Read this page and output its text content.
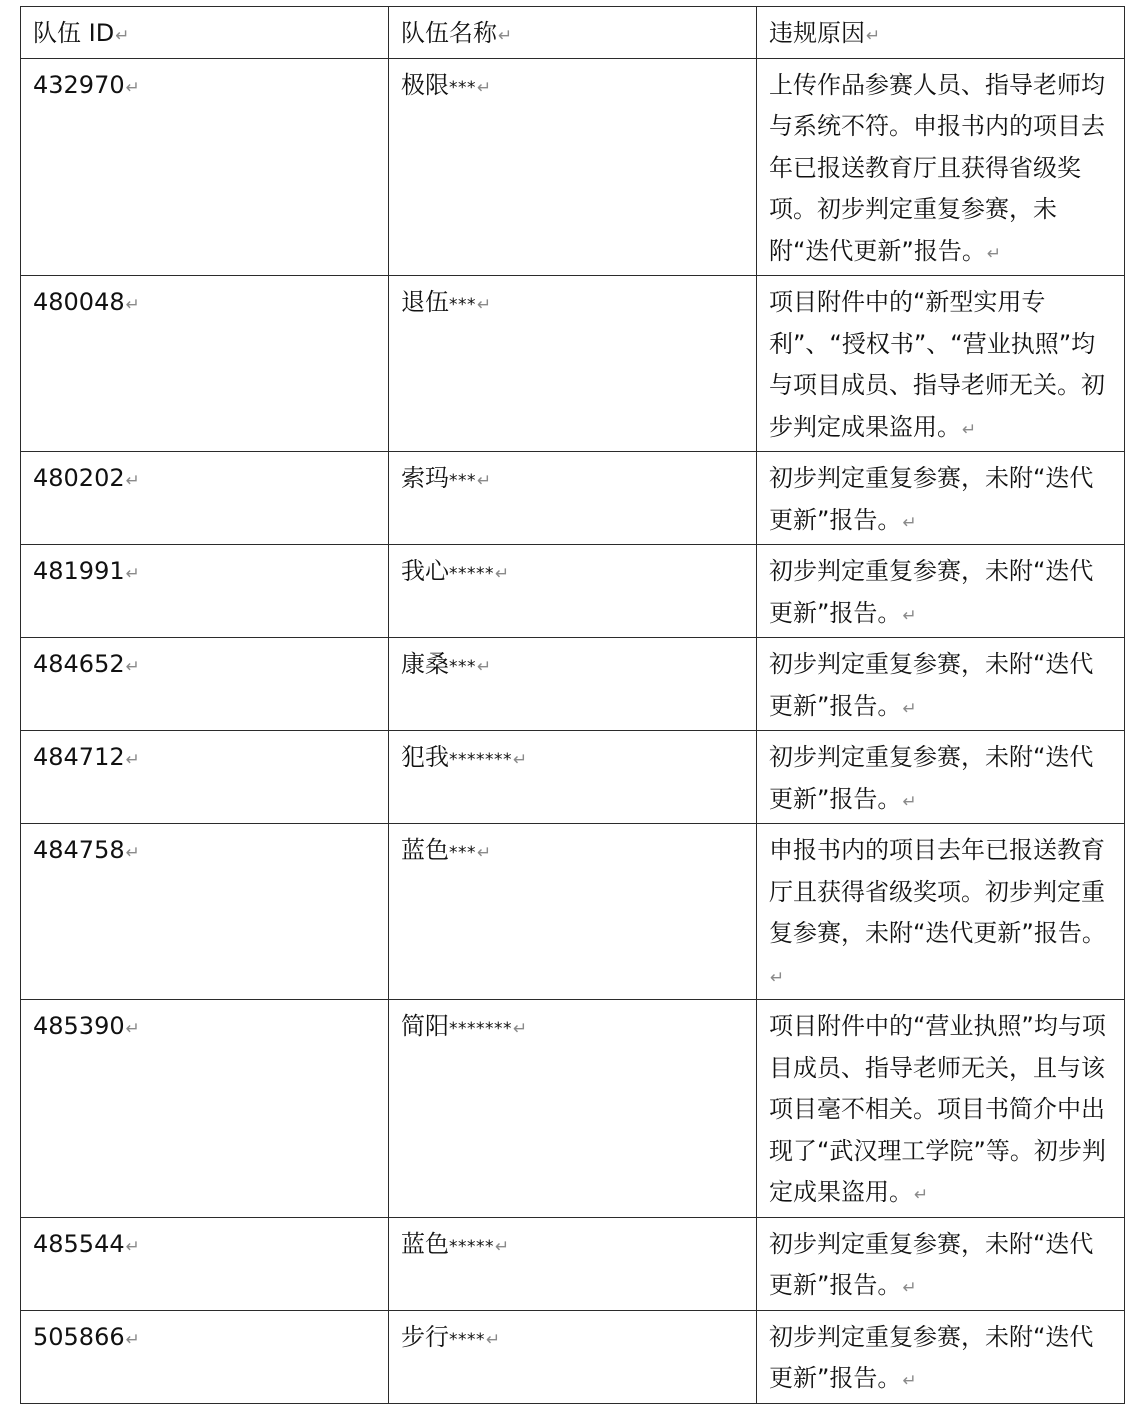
队伍 ID↵	队伍名称↵	违规原因↵
432970↵	极限***↵	上传作品参赛人员、指导老师均与系统不符。申报书内的项目去年已报送教育厅且获得省级奖项。初步判定重复参赛，未附“迭代更新”报告。↵
480048↵	退伍***↵	项目附件中的“新型实用专利”、“授权书”、“营业执照”均与项目成员、指导老师无关。初步判定成果盗用。↵
480202↵	索玛***↵	初步判定重复参赛，未附“迭代更新”报告。↵
481991↵	我心*****↵	初步判定重复参赛，未附“迭代更新”报告。↵
484652↵	康桑***↵	初步判定重复参赛，未附“迭代更新”报告。↵
484712↵	犯我*******↵	初步判定重复参赛，未附“迭代更新”报告。↵
484758↵	蓝色***↵	申报书内的项目去年已报送教育厅且获得省级奖项。初步判定重复参赛，未附“迭代更新”报告。↵
485390↵	简阳*******↵	项目附件中的“营业执照”均与项目成员、指导老师无关，且与该项目毫不相关。项目书简介中出现了“武汉理工学院”等。初步判定成果盗用。↵
485544↵	蓝色*****↵	初步判定重复参赛，未附“迭代更新”报告。↵
505866↵	步行****↵	初步判定重复参赛，未附“迭代更新”报告。↵
